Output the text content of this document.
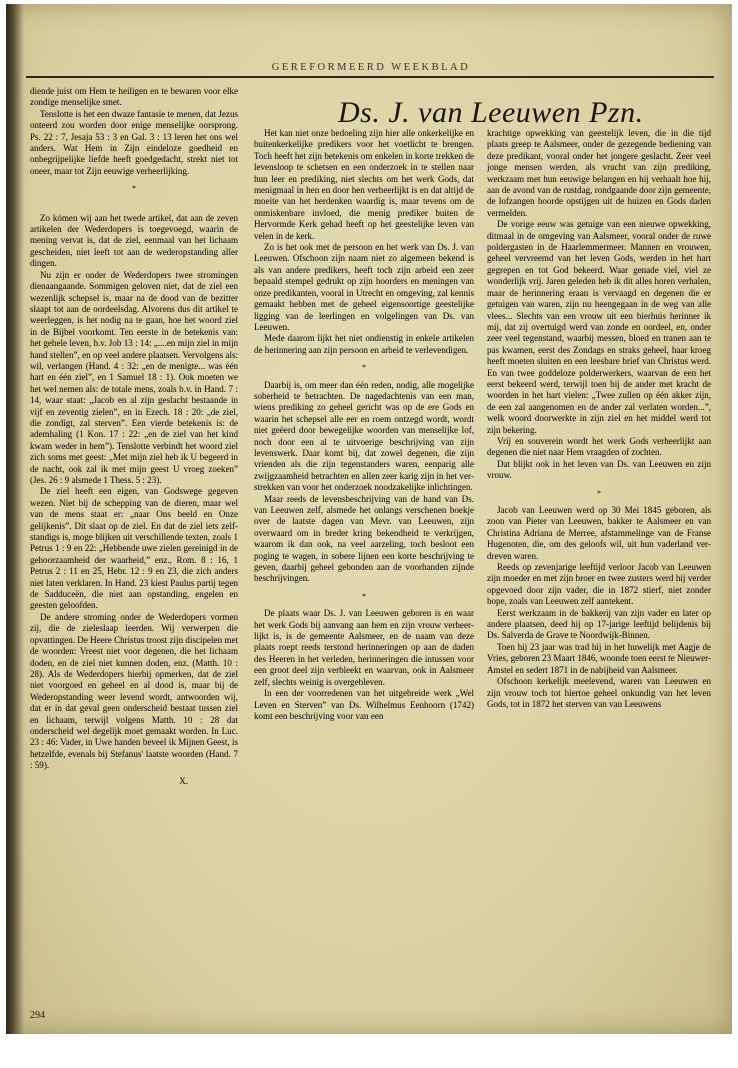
GEREFORMEERD WEEKBLAD
Ds. J. van Leeuwen Pzn.

diende juist om Hem te heiligen en te bewaren voor elke zondige menselijke smet.

Tenslotte is het een dwaze fantasie te menen, dat Jezus onteerd zou worden door enige menselijke oorsprong. Ps. 22 : 7, Jesaja 53 : 3 en Gal. 3 : 13 leren het ons wel anders. Wat Hem in Zijn eindeloze goedheid en onbegrijpelijke liefde heeft goedgedacht, strekt niet tot oneer, maar tot Zijn eeuwige verheerlijking.

*

Zo kómen wij aan het twede artikel, dat aan de zeven artikelen der Wederdopers is toegevoegd, waarin de mening vervat is, dat de ziel, eenmaal van het lichaam gescheiden, niet leeft tot aan de wederopstanding aller dingen.

Nu zijn er onder de Wederdopers twee stromingen dienaangaande. Sommigen geloven niet, dat de ziel een wezenlijk schepsel is, maar na de dood van de bezitter slaapt tot aan de oordeelsdag. Alvorens dus dit artikel te weerleggen, is het nodig na te gaan, hoe het woord ziel in de Bijbel voorkomt. Ten eerste in de betekenis van: het gehele leven, b.v. Job 13 : 14: „....en mijn ziel in mijn hand stellen”, en op veel andere plaatsen. Vervolgens als: wil, verlangen (Hand. 4 : 32: „en de menigte... was één hart en één ziel”, en 1 Samuel 18 : 1). Ook moeten we het wel nemen als: de totale mens, zoals b.v. in Hand. 7 : 14, waar staat: „Jacob en al zijn geslacht bestaande in vijf en zeventig zielen”, en in Ezech. 18 : 20: „de ziel, die zondigt, zal sterven”. Een vierde betekenis is: de ademhaling (1 Kon. 17 : 22: „en de ziel van het kind kwam weder in hem”). Tenslotte verbindt het woord ziel zich soms met geest: „Met mijn ziel heb ik U begeerd in de nacht, ook zal ik met mijn geest U vroeg zoeken” (Jes. 26 : 9 alsmede 1 Thess. 5 : 23).

De ziel heeft een eigen, van Godswege gegeven wezen. Niet bij de schepping van de dieren, maar wel van de mens staat er: „naar Ons beeld en Onze gelijkenis”. Dit slaat op de ziel. En dat de ziel iets zelfstandigs is, moge blijken uit verschillende texten, zoals 1 Petrus 1 : 9 en 22: „Hebbende uwe zielen gereinigd in de gehoorzaamheid der waarheid,” enz., Rom. 8 : 16, 1 Petrus 2 : 11 en 25, Hebr. 12 : 9 en 23, die zich anders niet laten verklaren. In Hand. 23 kiest Paulus partij tegen de Sadduceën, die niet aan opstanding, engelen en geesten geloofden.

De andere stroming onder de Wederdopers vormen zij, die de zieleslaap leerden. Wij verwerpen die opvattingen. De Heere Christus troost zijn discipelen met de woorden: Vreest niet voor degenen, die het lichaam doden, en de ziel niet kunnen doden, enz. (Matth. 10 : 28). Als de Wederdopers hierbij opmerken, dat de ziel niet voorgoed en geheel en al dood is, maar bij de Wederopstanding weer levend wordt, antwoorden wij, dat er in dat geval geen onderscheid bestaat tussen ziel en lichaam, terwijl volgens Matth. 10 : 28 dat onderscheid wel degelijk moet gemaakt worden. In Luc. 23 : 46: Vader, in Uwe handen beveel ik Mijnen Geest, is hetzelfde, evenals bij Stefanus' laatste woorden (Hand. 7 : 59).

X.

Het kan niet onze bedoeling zijn hier alle onkerkelijke en buitenkerkelijke predikers voor het voetlicht te brengen. Toch heeft het zijn betekenis om enkelen in korte trekken de levensloop te schetsen en een onderzoek in te stellen naar hun leer en prediking, niet slechts om het werk Gods, dat menigmaal in hen en door hen verheerlijkt is en dat altijd de moeite van het herdenken waardig is, maar tevens om de onmiskenbare invloed, die menig prediker buiten de Hervormde Kerk gehad heeft op het geestelijke leven van velen in de kerk.

Zo is het ook met de persoon en het werk van Ds. J. van Leeuwen. Ofschoon zijn naam niet zo algemeen bekend is als van andere predikers, heeft toch zijn arbeid een zeer bepaald stempel gedrukt op zijn hoorders en meningen van onze predikanten, vooral in Utrecht en omgeving, zal kennis gemaakt hebben met de geheel eigensoortige geestelijke ligging van de leerlingen en volgelingen van Ds. van Leeuwen.

Mede daarom lijkt het niet ondienstig in enkele artikelen de herinnering aan zijn persoon en arbeid te verlevendigen.

*

Daarbij is, om meer dan één reden, nodig, alle mogelijke soberheid te betrachten. De nagedachtenis van een man, wiens prediking zo geheel gericht was op de ere Gods en waarin het schepsel alle eer en roem ontzegd wordt, wordt niet geëerd door bewegelijke woorden van menselijke lof, noch door een al te uitvoerige beschrijving van zijn levenswerk. Daar komt bij, dat zowel degenen, die zijn vrienden als die zijn tegenstanders waren, eenparig alle zwijgzaamheid betrachten en allen zeer karig zijn in het verstrekken van voor het onderzoek noodzakelijke inlichtingen.

Maar reeds de levensbeschrijving van de hand van Ds. van Leeuwen zelf, alsmede het onlangs verschenen boekje over de laatste dagen van Mevr. van Leeuwen, zijn overwaard om in breder kring bekendheid te verkrijgen, waarom ik dan ook, na veel aarzeling, toch besloot een poging te wagen, in sobere lijnen een korte beschrijving te geven, daarbij geheel gebonden aan de voorhanden zijnde beschrijvingen.

*

De plaats waar Ds. J. van Leeuwen geboren is en waar het werk Gods bij aanvang aan hem en zijn vrouw verheerlijkt is, is de gemeente Aalsmeer, en de naam van deze plaats roept reeds terstond herinneringen op aan de daden des Heeren in het verleden, herinneringen die intussen voor een groot deel zijn verbleekt en waarvan, ook in Aalsmeer zelf, slechts weinig is overgebleven.

In een der voorredenen van het uitgebreide werk „Wel Leven en Sterven” van Ds. Wilhelmus Eenhoorn (1742) komt een beschrijving voor van een

krachtige opwekking van geestelijk leven, die in die tijd plaats greep te Aalsmeer, onder de gezegende bediening van deze predikant, vooral onder het jongere geslacht. Zeer veel jonge mensen werden, als vrucht van zijn prediking, werkzaam met hun eeuwige belangen en hij verhaalt hoe hij, aan de avond van de rustdag, rondgaande door zijn gemeente, de lofzangen hoorde opstijgen uit de huizen en Gods daden vermelden.

De vorige eeuw was getuige van een nieuwe opwekking, ditmaal in de omgeving van Aalsmeer, vooral onder de ruwe poldergasten in de Haarlemmermeer. Mannen en vrouwen, geheel vervreemd van het leven Gods, werden in het hart gegrepen en tot God bekeerd. Waar genade viel, viel ze wonderlijk vrij. Jaren geleden heb ik dit alles horen verhalen, maar de herinnering eraan is vervaagd en degenen die er getuigen van waren, zijn nu heengegaan in de weg van alle vlees... Slechts van een vrouw uit een bierhuis herinner ik mij, dat zij overtuigd werd van zonde en oordeel, en, onder zeer veel tegenstand, waarbij messen, bloed en tranen aan te pas kwamen, eerst des Zondags en straks geheel, haar kroeg heeft moeten sluiten en een leesbare brief van Christus werd. En van twee goddeloze polderwerkers, waarvan de een het eerst bekeerd werd, terwijl toen bij de ander met kracht de woorden in het hart vielen: „Twee zullen op één akker zijn, de een zal aangenomen en de ander zal verlaten worden...”, welk woord doorwerkte in zijn ziel en het middel werd tot zijn bekering.

Vrij en souverein wordt het werk Gods verheerlijkt aan degenen die niet naar Hem vraagden of zochten.

Dat blijkt ook in het leven van Ds. van Leeuwen en zijn vrouw.

*

Jacob van Leeuwen werd op 30 Mei 1845 geboren, als zoon van Pieter van Leeuwen, bakker te Aalsmeer en van Christina Adriana de Merree, afstammelinge van de Franse Hugenoten, die, om des geloofs wil, uit hun vaderland verdreven waren.

Reeds op zevenjarige leeftijd verloor Jacob van Leeuwen zijn moeder en met zijn broer en twee zusters werd hij verder opgevoed door zijn vader, die in 1872 stierf, niet zonder hope, zoals van Leeuwen zelf aantekent.

Eerst werkzaam in de bakkerij van zijn vader en later op andere plaatsen, deed hij op 17-jarige leeftijd belijdenis bij Ds. Salverda de Grave te Noordwijk-Binnen.

Toen hij 23 jaar was trad hij in het huwelijk met Aagje de Vries, geboren 23 Maart 1846, woonde toen eerst te Nieuwer-Amstel en sedert 1871 in de nabijheid van Aalsmeer.

Ofschoon kerkelijk meelevend, waren van Leeuwen en zijn vrouw toch tot hiertoe geheel onkundig van het leven Gods, tot in 1872 het sterven van van Leeuwens

294
